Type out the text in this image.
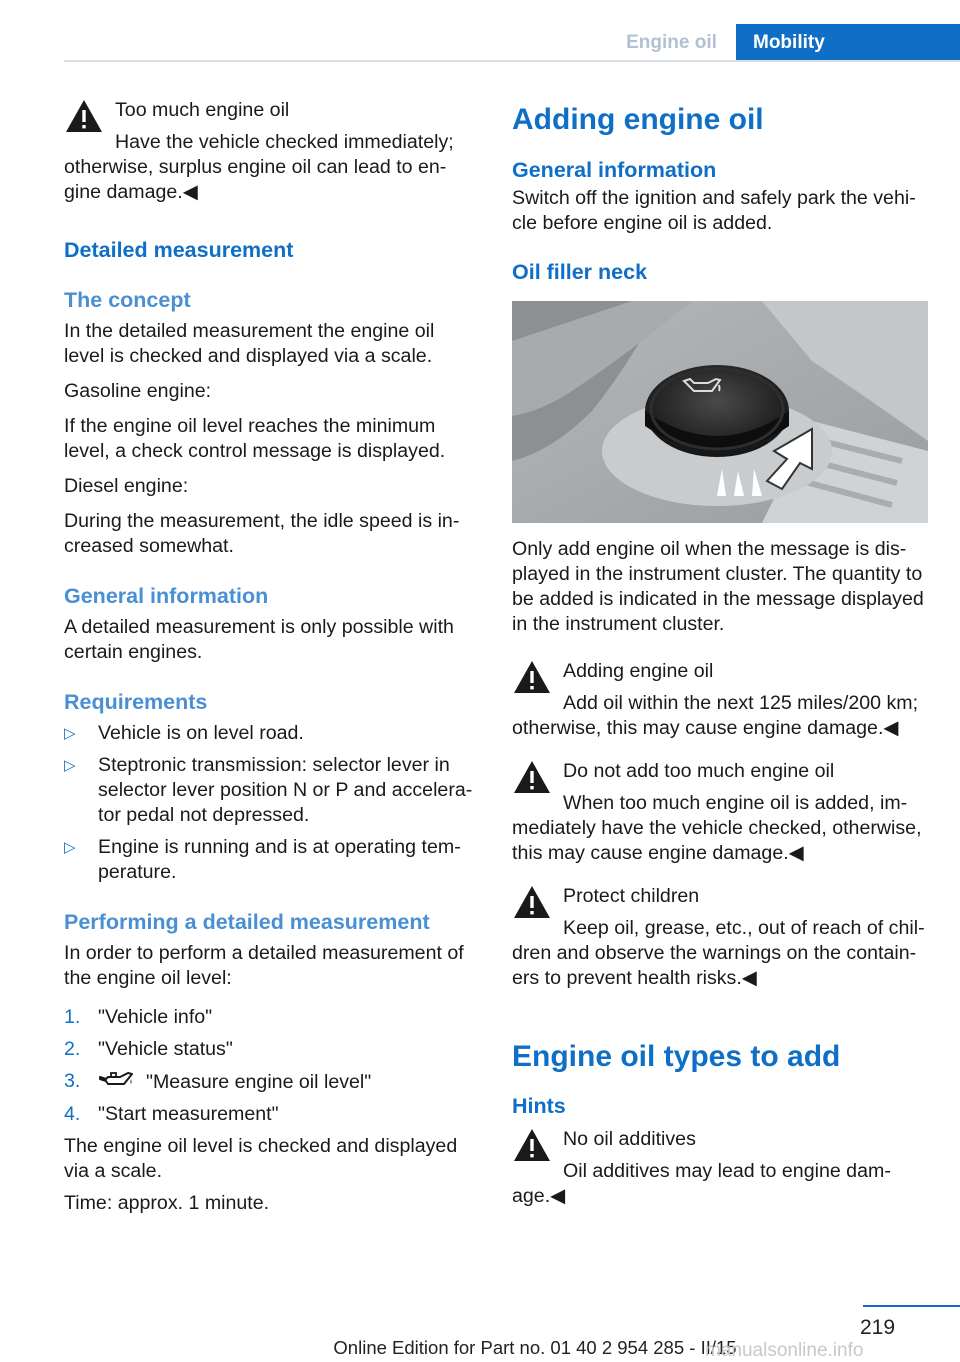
Engine oil	Mobility
Too much engine oil

Have the vehicle checked immediately; otherwise, surplus engine oil can lead to engine damage.◀

Detailed measurement
The concept

In the detailed measurement the engine oil level is checked and displayed via a scale.

Gasoline engine:

If the engine oil level reaches the minimum level, a check control message is displayed.

Diesel engine:

During the measurement, the idle speed is increased somewhat.

General information

A detailed measurement is only possible with certain engines.

Requirements
▷ Vehicle is on level road.
▷ Steptronic transmission: selector lever in selector lever position N or P and accelerator pedal not depressed.
▷ Engine is running and is at operating temperature.
Performing a detailed measurement

In order to perform a detailed measurement of the engine oil level:

1. "Vehicle info"
2. "Vehicle status"
3.	"Measure engine oil level"
4. "Start measurement"

The engine oil level is checked and displayed via a scale.

Time: approx. 1 minute.

Adding engine oil
General information

Switch off the ignition and safely park the vehicle before engine oil is added.

Oil filler neck

Only add engine oil when the message is displayed in the instrument cluster. The quantity to be added is indicated in the message displayed in the instrument cluster.

Adding engine oil

Add oil within the next 125 miles/200 km; otherwise, this may cause engine damage.◀

Do not add too much engine oil

When too much engine oil is added, immediately have the vehicle checked, otherwise, this may cause engine damage.◀

Protect children

Keep oil, grease, etc., out of reach of children and observe the warnings on the containers to prevent health risks.◀

Engine oil types to add
Hints
No oil additives

Oil additives may lead to engine damage.◀

219
Online Edition for Part no. 01 40 2 954 285 - II/15
manualsonline.info
